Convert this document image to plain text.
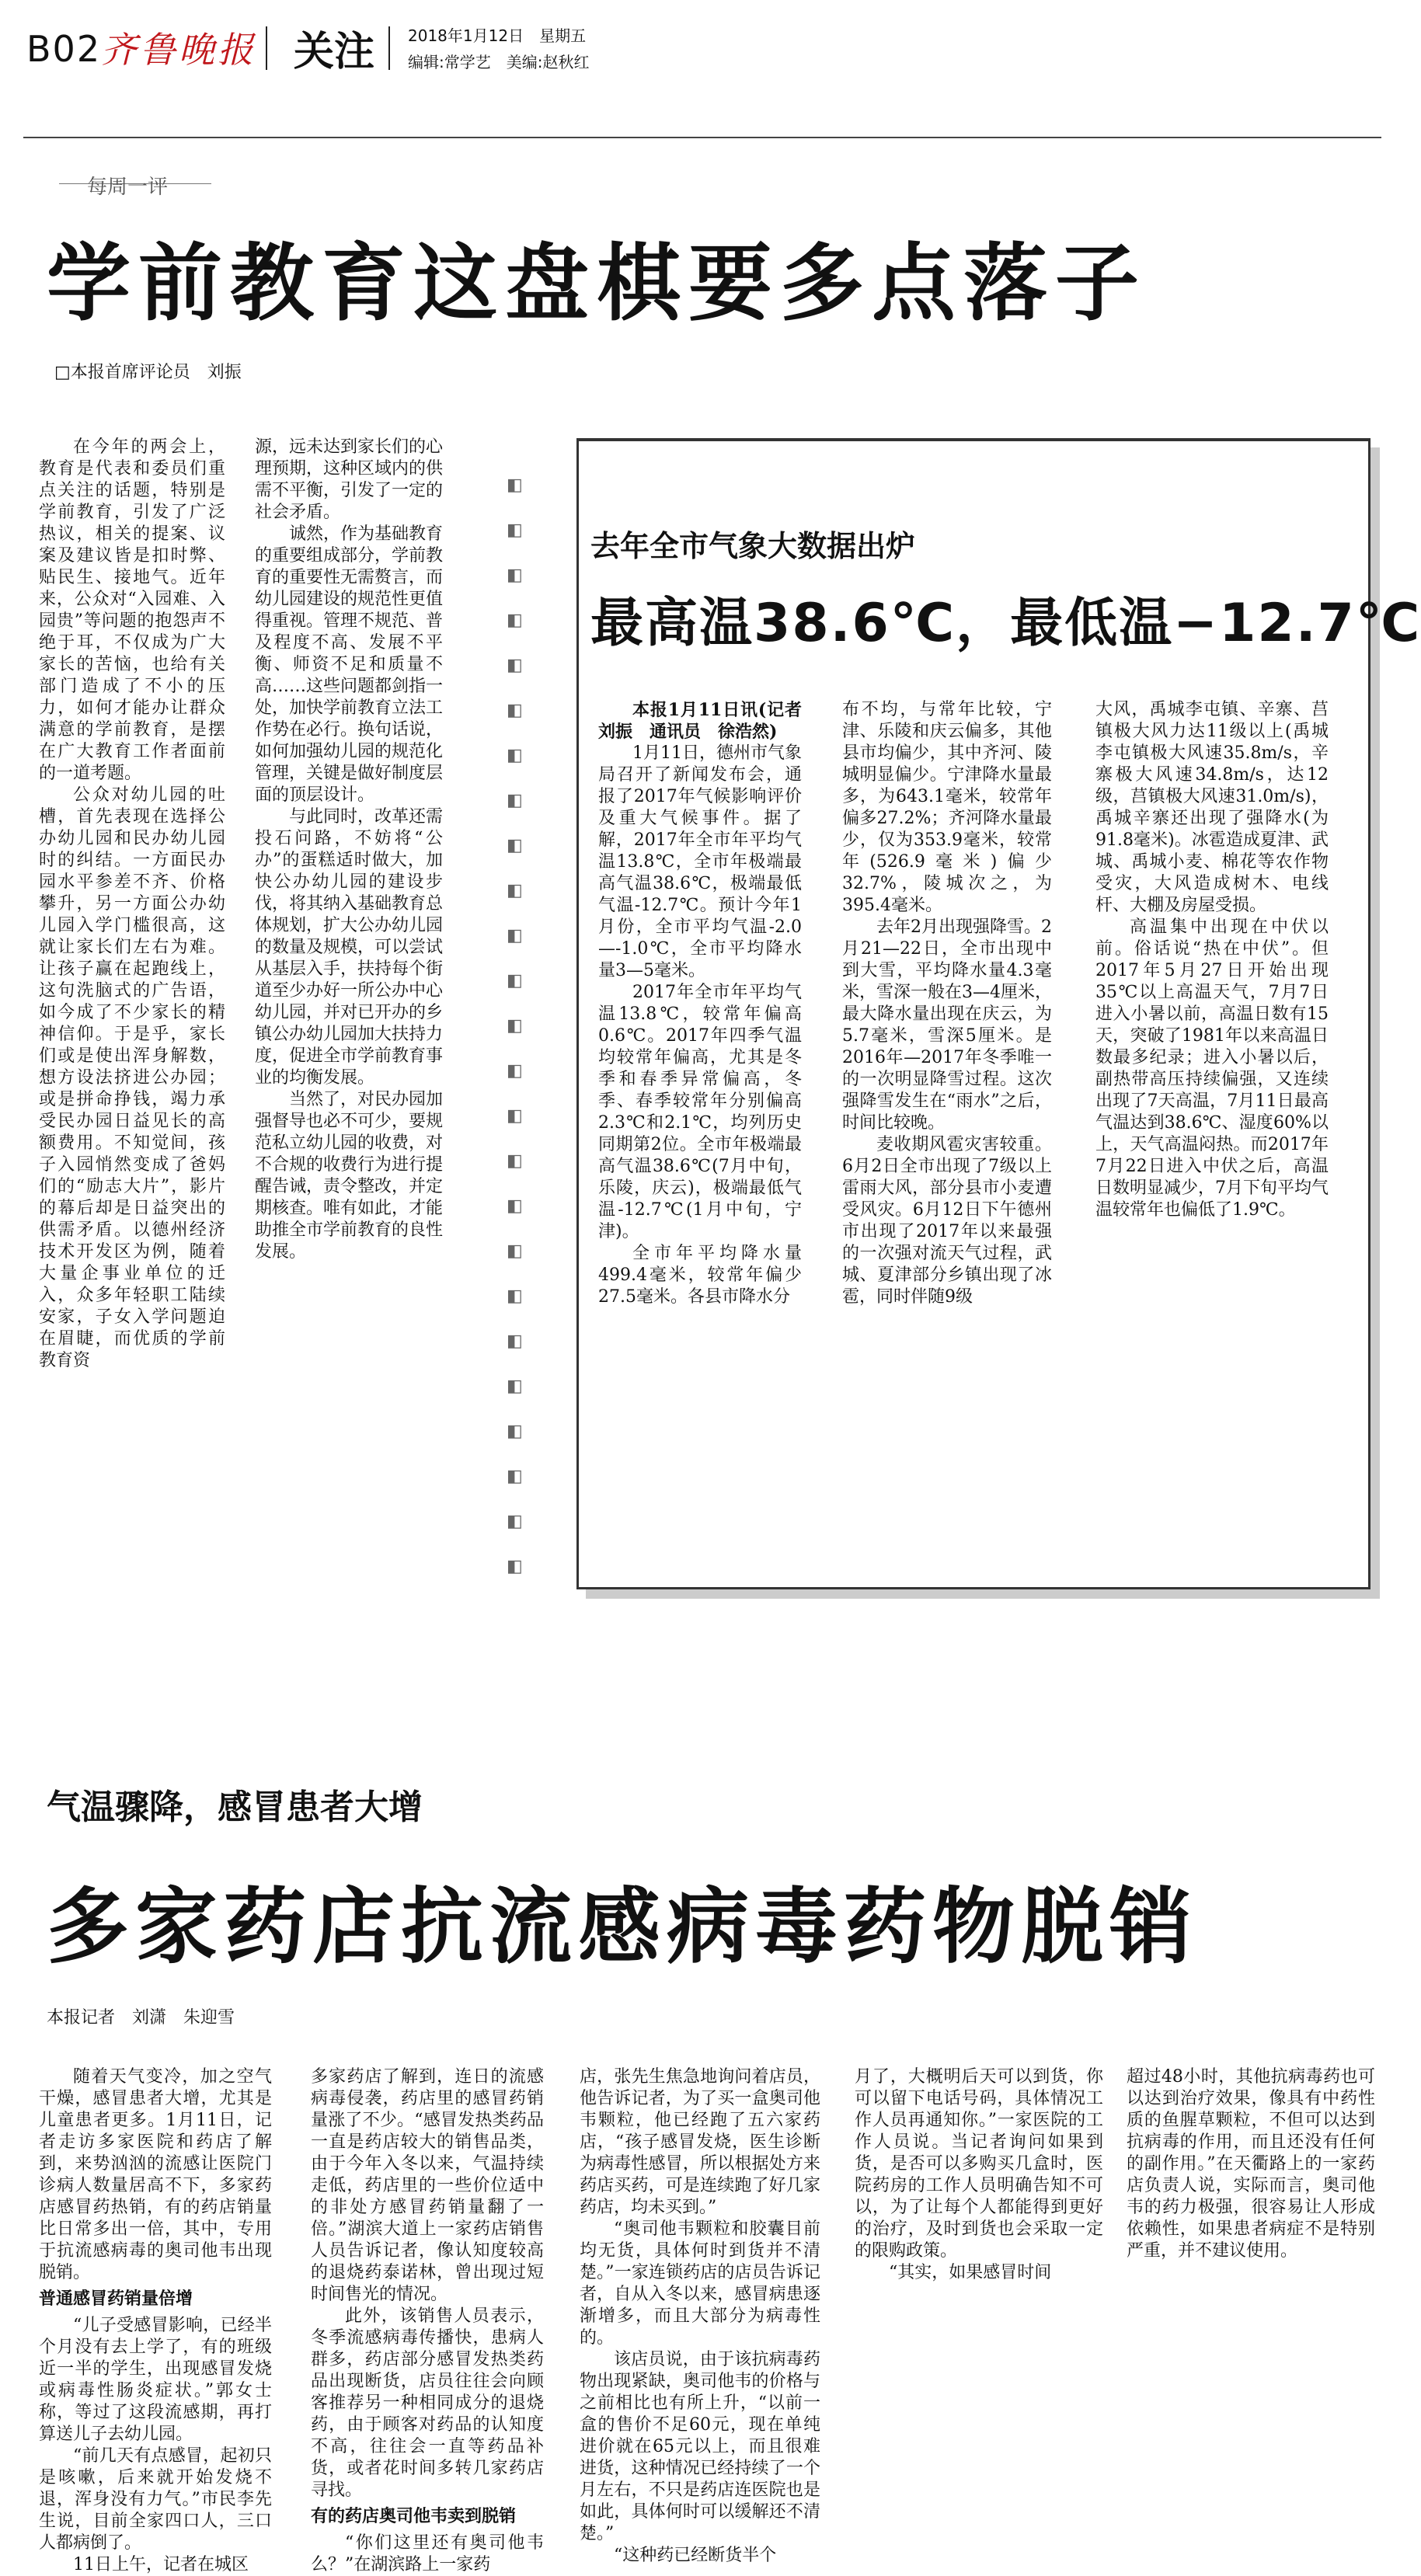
B02 齐鲁晚报 关注 2018年1月12日　星期五
编辑:常学艺　美编:赵秋红
每周一评
学前教育这盘棋要多点落子
□本报首席评论员　刘振

在今年的两会上，教育是代表和委员们重点关注的话题，特别是学前教育，引发了广泛热议，相关的提案、议案及建议皆是扣时弊、贴民生、接地气。近年来，公众对“入园难、入园贵”等问题的抱怨声不绝于耳，不仅成为广大家长的苦恼，也给有关部门造成了不小的压力，如何才能办让群众满意的学前教育，是摆在广大教育工作者面前的一道考题。

公众对幼儿园的吐槽，首先表现在选择公办幼儿园和民办幼儿园时的纠结。一方面民办园水平参差不齐、价格攀升，另一方面公办幼儿园入学门槛很高，这就让家长们左右为难。让孩子赢在起跑线上，这句洗脑式的广告语，如今成了不少家长的精神信仰。于是乎，家长们或是使出浑身解数，想方设法挤进公办园；或是拼命挣钱，竭力承受民办园日益见长的高额费用。不知觉间，孩子入园悄然变成了爸妈们的“励志大片”，影片的幕后却是日益突出的供需矛盾。以德州经济技术开发区为例，随着大量企事业单位的迁入，众多年轻职工陆续安家，子女入学问题迫在眉睫，而优质的学前教育资

源，远未达到家长们的心理预期，这种区域内的供需不平衡，引发了一定的社会矛盾。

诚然，作为基础教育的重要组成部分，学前教育的重要性无需赘言，而幼儿园建设的规范性更值得重视。管理不规范、普及程度不高、发展不平衡、师资不足和质量不高……这些问题都剑指一处，加快学前教育立法工作势在必行。换句话说，如何加强幼儿园的规范化管理，关键是做好制度层面的顶层设计。

与此同时，改革还需投石问路，不妨将“公办”的蛋糕适时做大，加快公办幼儿园的建设步伐，将其纳入基础教育总体规划，扩大公办幼儿园的数量及规模，可以尝试从基层入手，扶持每个街道至少办好一所公办中心幼儿园，并对已开办的乡镇公办幼儿园加大扶持力度，促进全市学前教育事业的均衡发展。

当然了，对民办园加强督导也必不可少，要规范私立幼儿园的收费，对不合规的收费行为进行提醒告诫，责令整改，并定期核查。唯有如此，才能助推全市学前教育的良性发展。

◧
◧
◧
◧
◧
◧
◧
◧
◧
◧
◧
◧
◧
◧
◧
◧
◧
◧
◧
◧
◧
◧
◧
◧
◧
去年全市气象大数据出炉
最高温38.6℃，最低温−12.7℃

本报1月11日讯(记者 刘振　通讯员　徐浩然)

1月11日，德州市气象局召开了新闻发布会，通报了2017年气候影响评价及重大气候事件。据了解，2017年全市年平均气温13.8℃，全市年极端最高气温38.6℃，极端最低气温-12.7℃。预计今年1月份，全市平均气温-2.0—-1.0℃，全市平均降水量3—5毫米。

2017年全市年平均气温13.8℃，较常年偏高0.6℃。2017年四季气温均较常年偏高，尤其是冬季和春季异常偏高，冬季、春季较常年分别偏高2.3℃和2.1℃，均列历史同期第2位。全市年极端最高气温38.6℃(7月中旬，乐陵，庆云)，极端最低气温-12.7℃(1月中旬，宁津)。

全市年平均降水量499.4毫米，较常年偏少27.5毫米。各县市降水分

布不均，与常年比较，宁津、乐陵和庆云偏多，其他县市均偏少，其中齐河、陵城明显偏少。宁津降水量最多，为643.1毫米，较常年偏多27.2%；齐河降水量最少，仅为353.9毫米，较常年(526.9毫米)偏少32.7%，陵城次之，为395.4毫米。

去年2月出现强降雪。2月21—22日，全市出现中到大雪，平均降水量4.3毫米，雪深一般在3—4厘米，最大降水量出现在庆云，为5.7毫米，雪深5厘米。是2016年—2017年冬季唯一的一次明显降雪过程。这次强降雪发生在“雨水”之后，时间比较晚。

麦收期风雹灾害较重。6月2日全市出现了7级以上雷雨大风，部分县市小麦遭受风灾。6月12日下午德州市出现了2017年以来最强的一次强对流天气过程，武城、夏津部分乡镇出现了冰雹，同时伴随9级

大风，禹城李屯镇、辛寨、莒镇极大风力达11级以上(禹城李屯镇极大风速35.8m/s，辛寨极大风速34.8m/s，达12级，莒镇极大风速31.0m/s)，禹城辛寨还出现了强降水(为91.8毫米)。冰雹造成夏津、武城、禹城小麦、棉花等农作物受灾，大风造成树木、电线杆、大棚及房屋受损。

高温集中出现在中伏以前。俗话说“热在中伏”。但2017年5月27日开始出现35℃以上高温天气，7月7日进入小暑以前，高温日数有15天，突破了1981年以来高温日数最多纪录；进入小暑以后，副热带高压持续偏强，又连续出现了7天高温，7月11日最高气温达到38.6℃、湿度60%以上，天气高温闷热。而2017年7月22日进入中伏之后，高温日数明显减少，7月下旬平均气温较常年也偏低了1.9℃。

气温骤降，感冒患者大增
多家药店抗流感病毒药物脱销
本报记者　刘潇　朱迎雪

随着天气变冷，加之空气干燥，感冒患者大增，尤其是儿童患者更多。1月11日，记者走访多家医院和药店了解到，来势汹汹的流感让医院门诊病人数量居高不下，多家药店感冒药热销，有的药店销量比日常多出一倍，其中，专用于抗流感病毒的奥司他韦出现脱销。

普通感冒药销量倍增

“儿子受感冒影响，已经半个月没有去上学了，有的班级近一半的学生，出现感冒发烧或病毒性肠炎症状。”郭女士称，等过了这段流感期，再打算送儿子去幼儿园。

“前几天有点感冒，起初只是咳嗽，后来就开始发烧不退，浑身没有力气。”市民李先生说，目前全家四口人，三口人都病倒了。

11日上午，记者在城区

多家药店了解到，连日的流感病毒侵袭，药店里的感冒药销量涨了不少。“感冒发热类药品一直是药店较大的销售品类，由于今年入冬以来，气温持续走低，药店里的一些价位适中的非处方感冒药销量翻了一倍。”湖滨大道上一家药店销售人员告诉记者，像认知度较高的退烧药泰诺林，曾出现过短时间售光的情况。

此外，该销售人员表示，冬季流感病毒传播快，患病人群多，药店部分感冒发热类药品出现断货，店员往往会向顾客推荐另一种相同成分的退烧药，由于顾客对药品的认知度不高，往往会一直等药品补货，或者花时间多转几家药店寻找。

有的药店奥司他韦卖到脱销

“你们这里还有奥司他韦么？”在湖滨路上一家药

店，张先生焦急地询问着店员，他告诉记者，为了买一盒奥司他韦颗粒，他已经跑了五六家药店，“孩子感冒发烧，医生诊断为病毒性感冒，所以根据处方来药店买药，可是连续跑了好几家药店，均未买到。”

“奥司他韦颗粒和胶囊目前均无货，具体何时到货并不清楚。”一家连锁药店的店员告诉记者，自从入冬以来，感冒病患逐渐增多，而且大部分为病毒性的。

该店员说，由于该抗病毒药物出现紧缺，奥司他韦的价格与之前相比也有所上升，“以前一盒的售价不足60元，现在单纯进价就在65元以上，而且很难进货，这种情况已经持续了一个月左右，不只是药店连医院也是如此，具体何时可以缓解还不清楚。”

“这种药已经断货半个

月了，大概明后天可以到货，你可以留下电话号码，具体情况工作人员再通知你。”一家医院的工作人员说。当记者询问如果到货，是否可以多购买几盒时，医院药房的工作人员明确告知不可以，为了让每个人都能得到更好的治疗，及时到货也会采取一定的限购政策。

“其实，如果感冒时间

超过48小时，其他抗病毒药也可以达到治疗效果，像具有中药性质的鱼腥草颗粒，不但可以达到抗病毒的作用，而且还没有任何的副作用。”在天衢路上的一家药店负责人说，实际而言，奥司他韦的药力极强，很容易让人形成依赖性，如果患者病症不是特别严重，并不建议使用。
